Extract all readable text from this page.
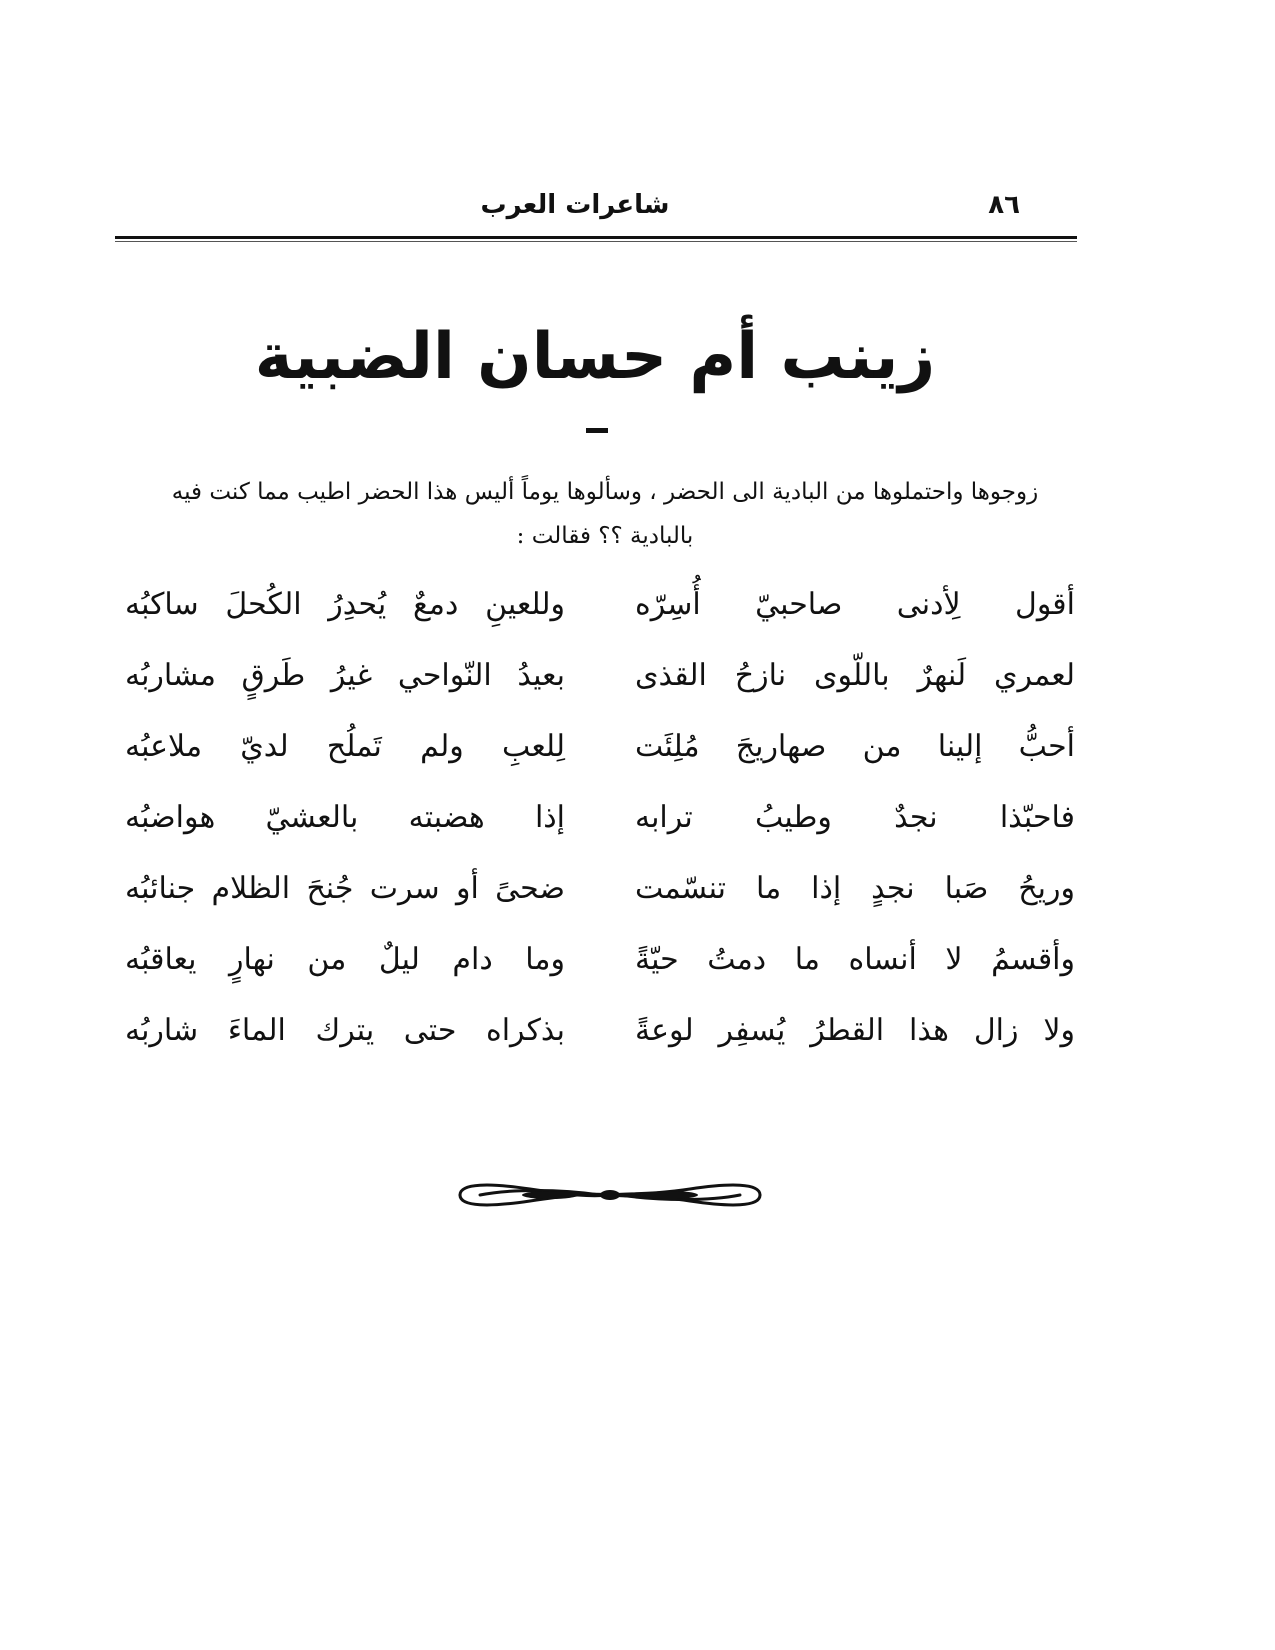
٨٦
شاعرات العرب
زينب أم حسان الضبية
زوجوها واحتملوها من البادية الى الحضر ، وسألوها يوماً أليس هذا الحضر اطيب مما كنت فيه بالبادية ؟؟ فقالت :
أقول لِأدنى صاحبيّ أُسِرّه
وللعينِ دمعٌ يُحدِرُ الكُحلَ ساكبُه
لعمري لَنهرٌ باللّوى نازحُ القذى
بعيدُ النّواحي غيرُ طَرقٍ مشاربُه
أحبُّ إلينا من صهاريجَ مُلِئَت
لِلعبِ ولم تَملُح لديّ ملاعبُه
فاحبّذا نجدٌ وطيبُ ترابه
إذا هضبته بالعشيّ هواضبُه
وريحُ صَبا نجدٍ إذا ما تنسّمت
ضحىً أو سرت جُنحَ الظلام جنائبُه
وأقسمُ لا أنساه ما دمتُ حيّةً
وما دام ليلٌ من نهارٍ يعاقبُه
ولا زال هذا القطرُ يُسفِر لوعةً
بذكراه حتى يترك الماءَ شاربُه
